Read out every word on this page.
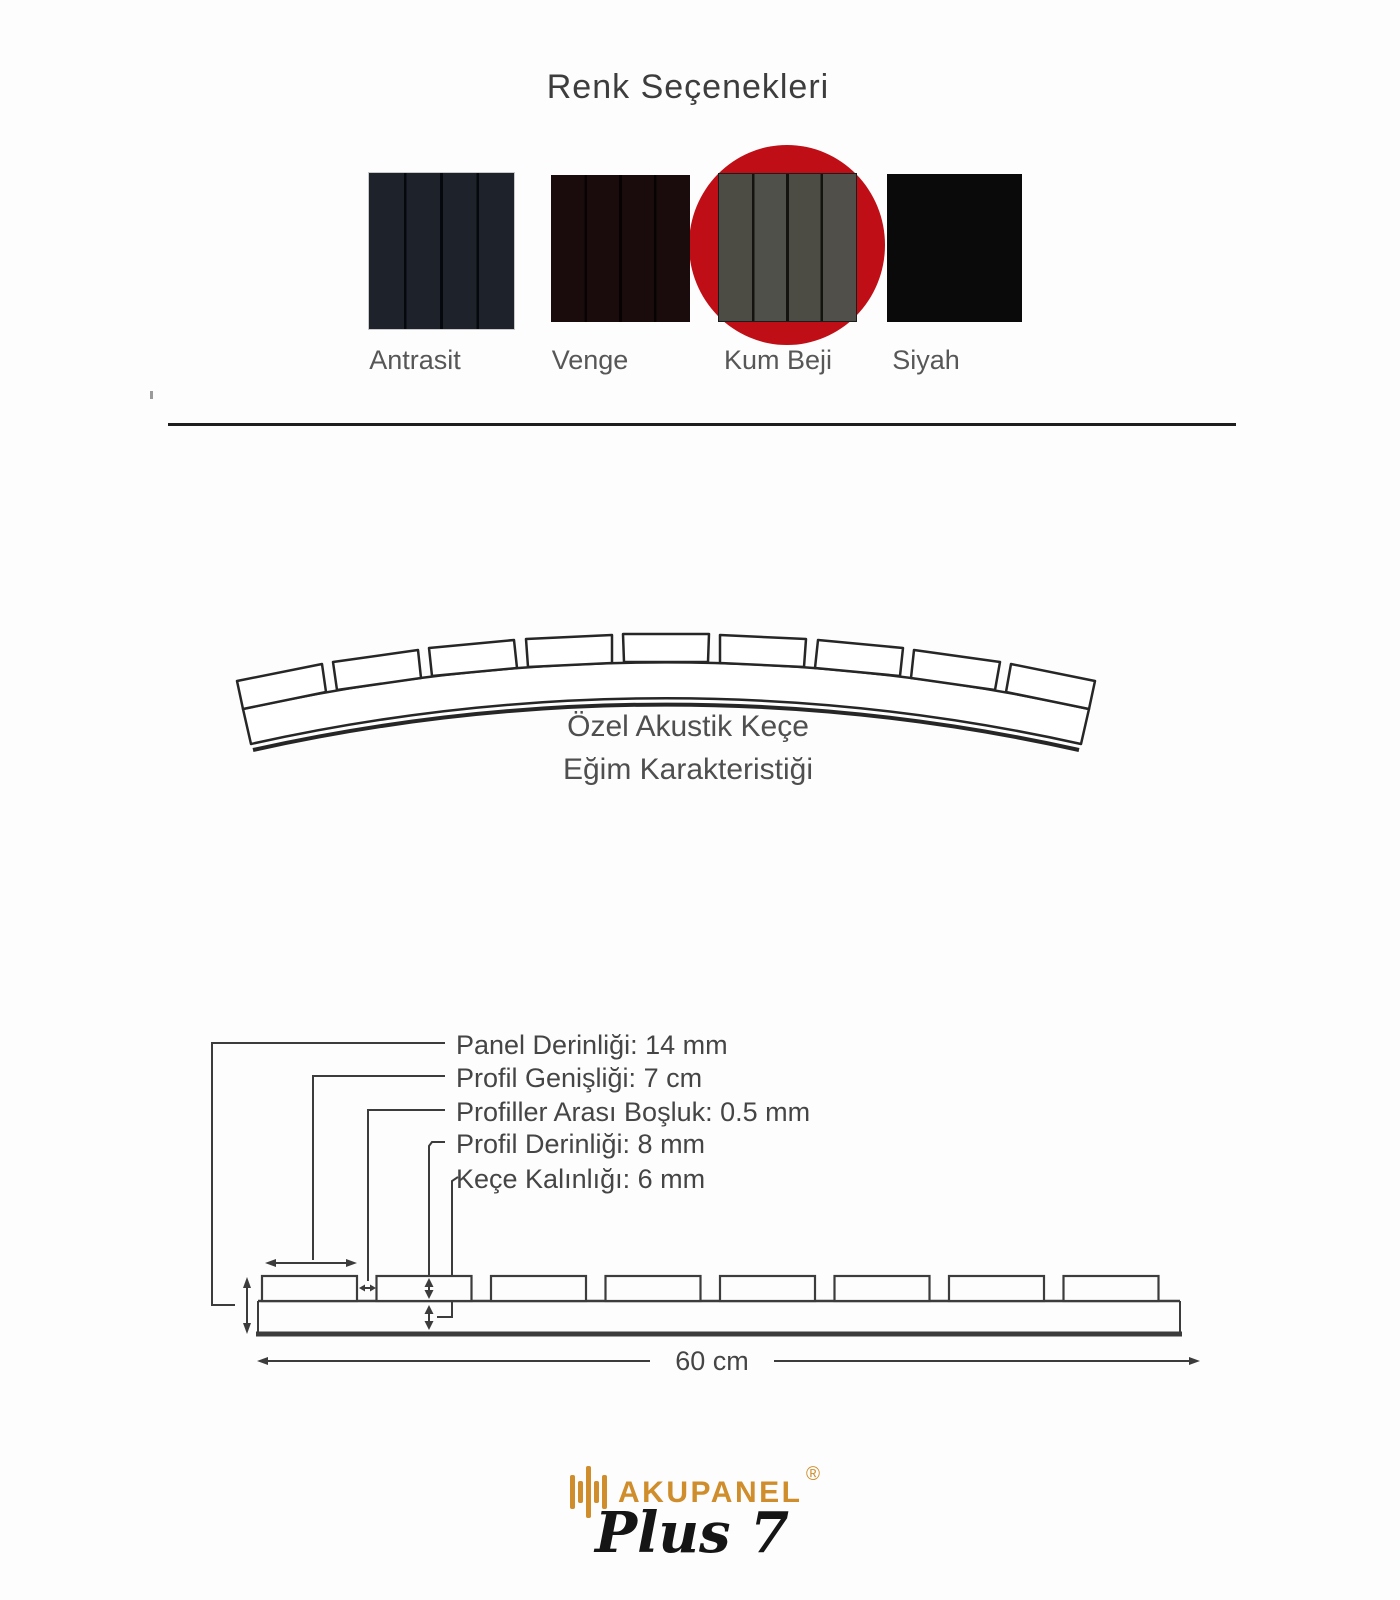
Renk Seçenekleri
Antrasit	Venge	Kum Beji Siyah
Özel Akustik Keçe
Eğim Karakteristiği
Panel Derinliği: 14 mm
Profil Genişliği: 7 cm
Profiller Arası Boşluk: 0.5 mm
Profil Derinliği: 8 mm
Keçe Kalınlığı: 6 mm
60 cm
AKUPANEL
®
Plus 7
